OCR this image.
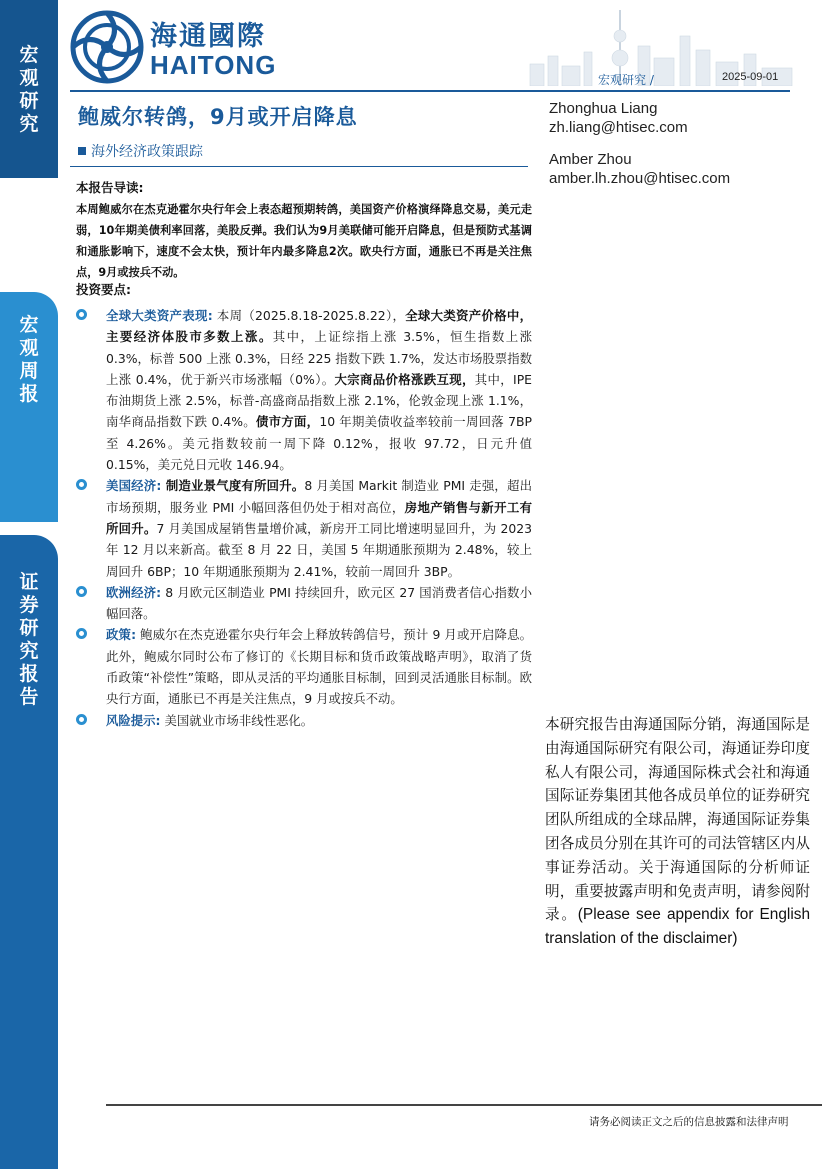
宏观研究
宏观周报
证券研究报告
海通國際
HAITONG	宏观研究 /	2025-09-01
鲍威尔转鸽，9月或开启降息
海外经济政策跟踪
Zhonghua Liang
zh.liang@htisec.com
Amber Zhou
amber.lh.zhou@htisec.com
本报告导读:
本周鲍威尔在杰克逊霍尔央行年会上表态超预期转鸽，美国资产价格演绎降息交易，美元走弱，10年期美债利率回落，美股反弹。我们认为9月美联储可能开启降息，但是预防式基调和通胀影响下，速度不会太快，预计年内最多降息2次。欧央行方面，通胀已不再是关注焦点，9月或按兵不动。
投资要点:
全球大类资产表现: 本周（2025.8.18-2025.8.22），全球大类资产价格中，主要经济体股市多数上涨。其中，上证综指上涨 3.5%，恒生指数上涨 0.3%，标普 500 上涨 0.3%，日经 225 指数下跌 1.7%，发达市场股票指数上涨 0.4%，优于新兴市场涨幅（0%）。大宗商品价格涨跌互现，其中，IPE 布油期货上涨 2.5%，标普-高盛商品指数上涨 2.1%，伦敦金现上涨 1.1%，南华商品指数下跌 0.4%。债市方面，10 年期美债收益率较前一周回落 7BP 至 4.26%。美元指数较前一周下降 0.12%，报收 97.72，日元升值 0.15%，美元兑日元收 146.94。
美国经济: 制造业景气度有所回升。8 月美国 Markit 制造业 PMI 走强，超出市场预期，服务业 PMI 小幅回落但仍处于相对高位，房地产销售与新开工有所回升。7 月美国成屋销售量增价减，新房开工同比增速明显回升，为 2023 年 12 月以来新高。截至 8 月 22 日，美国 5 年期通胀预期为 2.48%，较上周回升 6BP；10 年期通胀预期为 2.41%，较前一周回升 3BP。
欧洲经济: 8 月欧元区制造业 PMI 持续回升，欧元区 27 国消费者信心指数小幅回落。
政策: 鲍威尔在杰克逊霍尔央行年会上释放转鸽信号，预计 9 月或开启降息。此外，鲍威尔同时公布了修订的《长期目标和货币政策战略声明》，取消了货币政策“补偿性”策略，即从灵活的平均通胀目标制，回到灵活通胀目标制。欧央行方面，通胀已不再是关注焦点，9 月或按兵不动。
风险提示: 美国就业市场非线性恶化。	本研究报告由海通国际分销，海通国际是由海通国际研究有限公司，海通证券印度私人有限公司，海通国际株式会社和海通国际证券集团其他各成员单位的证券研究团队所组成的全球品牌，海通国际证券集团各成员分别在其许可的司法管辖区内从事证券活动。关于海通国际的分析师证明，重要披露声明和免责声明，请参阅附录。(Please see appendix for English translation of the disclaimer)
请务必阅读正文之后的信息披露和法律声明
